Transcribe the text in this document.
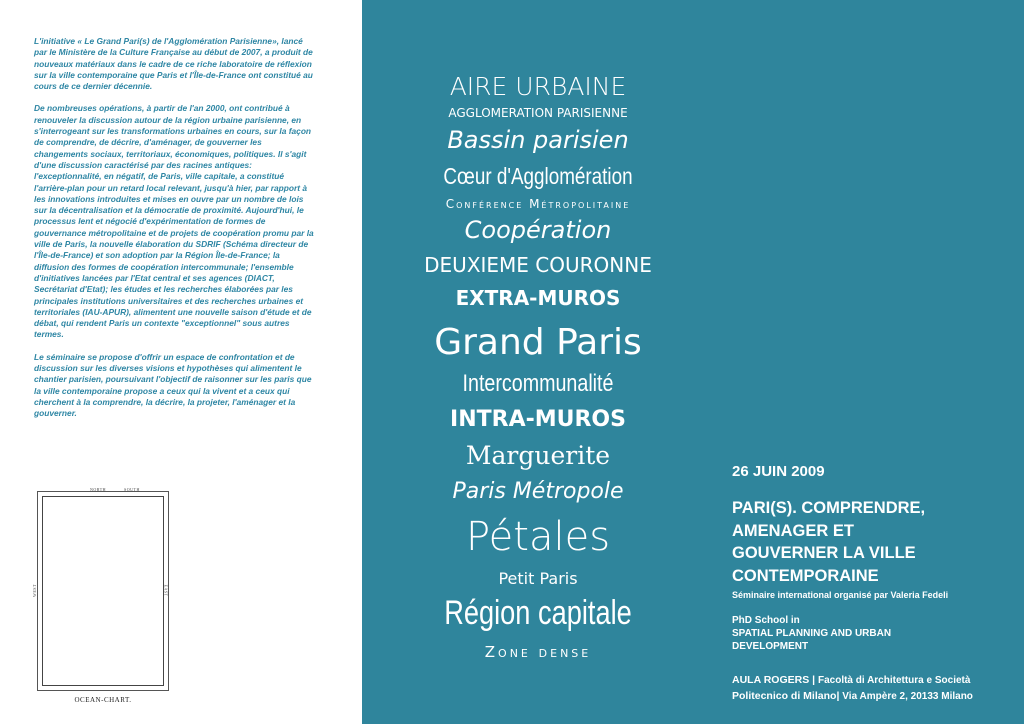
L'initiative « Le Grand Pari(s) de l'Agglomération Parisienne», lancé par le Ministère de la Culture Française au début de 2007, a produit de nouveaux matériaux dans le cadre de ce riche laboratoire de réflexion sur la ville contemporaine que Paris et l'Île-de-France ont constitué au cours de ce dernier décennie.

De nombreuses opérations, à partir de l'an 2000, ont contribué à renouveler la discussion autour de la région urbaine parisienne, en s'interrogeant sur les transformations urbaines en cours, sur la façon de comprendre, de décrire, d'aménager, de gouverner les changements sociaux, territoriaux, économiques, politiques. Il s'agit d'une discussion caractérisé par des racines antiques: l'exceptionnalité, en négatif, de Paris, ville capitale, a constitué l'arrière-plan pour un retard local relevant, jusqu'à hier, par rapport à les innovations introduites et mises en ouvre par un nombre de lois sur la décentralisation et la démocratie de proximité. Aujourd'hui, le processus lent et négocié d'expérimentation de formes de gouvernance métropolitaine et de projets de coopération promu par la ville de Paris, la nouvelle élaboration du SDRIF (Schéma directeur de l'Île-de-France) et son adoption par la Région Île-de-France; la diffusion des formes de coopération intercommunale; l'ensemble d'initiatives lancées par l'Etat central et ses agences (DIACT, Secrétariat d'Etat); les études et les recherches élaborées par les principales institutions universitaires et des recherches urbaines et territoriales (IAU-APUR), alimentent une nouvelle saison d'étude et de débat, qui rendent Paris un contexte "exceptionnel" sous autres termes.

Le séminaire se propose d'offrir un espace de confrontation et de discussion sur les diverses visions et hypothèses qui alimentent le chantier parisien, poursuivant l'objectif de raisonner sur les paris que la ville contemporaine propose a ceux qui la vivent et a ceux qui cherchent à la comprendre, la décrire, la projeter, l'aménager et la gouverner.

NORTH	SOUTH
WEST	EAST
OCEAN-CHART.
AIRE URBAINE
AGGLOMERATION PARISIENNE
Bassin parisien
Cœur d'Agglomération
Conférence Métropolitaine
Coopération
DEUXIEME COURONNE
EXTRA-MUROS
Grand Paris
Intercommunalité
INTRA-MUROS
Marguerite
Paris Métropole
Pétales
Petit Paris
Région capitale
Zone dense
26 JUIN 2009
PARI(S). COMPRENDRE,
AMENAGER ET
GOUVERNER LA VILLE
CONTEMPORAINE
Séminaire international organisé par Valeria Fedeli
PhD School in
SPATIAL PLANNING AND URBAN
DEVELOPMENT
AULA ROGERS | Facoltà di Architettura e Società
Politecnico di Milano| Via Ampère 2, 20133 Milano
